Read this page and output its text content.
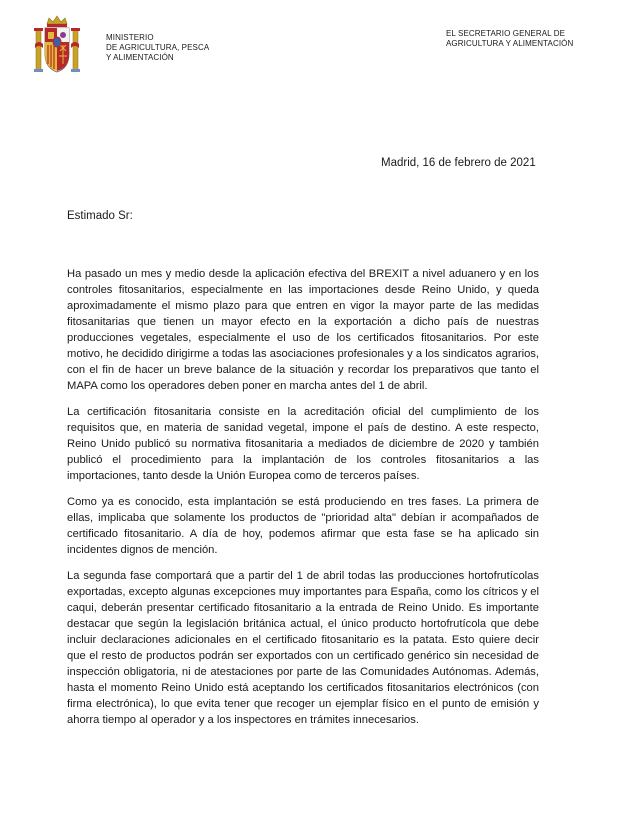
MINISTERIO
DE AGRICULTURA, PESCA
Y ALIMENTACIÓN
EL SECRETARIO GENERAL DE
AGRICULTURA Y ALIMENTACIÓN
Madrid, 16 de febrero de 2021
Estimado Sr:

Ha pasado un mes y medio desde la aplicación efectiva del BREXIT a nivel aduanero y en los controles fitosanitarios, especialmente en las importaciones desde Reino Unido, y queda aproximadamente el mismo plazo para que entren en vigor la mayor parte de las medidas fitosanitarias que tienen un mayor efecto en la exportación a dicho país de nuestras producciones vegetales, especialmente el uso de los certificados fitosanitarios. Por este motivo, he decidido dirigirme a todas las asociaciones profesionales y a los sindicatos agrarios, con el fin de hacer un breve balance de la situación y recordar los preparativos que tanto el MAPA como los operadores deben poner en marcha antes del 1 de abril.

La certificación fitosanitaria consiste en la acreditación oficial del cumplimiento de los requisitos que, en materia de sanidad vegetal, impone el país de destino. A este respecto, Reino Unido publicó su normativa fitosanitaria a mediados de diciembre de 2020 y también publicó el procedimiento para la implantación de los controles fitosanitarios a las importaciones, tanto desde la Unión Europea como de terceros países.

Como ya es conocido, esta implantación se está produciendo en tres fases. La primera de ellas, implicaba que solamente los productos de "prioridad alta" debían ir acompañados de certificado fitosanitario. A día de hoy, podemos afirmar que esta fase se ha aplicado sin incidentes dignos de mención.

La segunda fase comportará que a partir del 1 de abril todas las producciones hortofrutícolas exportadas, excepto algunas excepciones muy importantes para España, como los cítricos y el caqui, deberán presentar certificado fitosanitario a la entrada de Reino Unido. Es importante destacar que según la legislación británica actual, el único producto hortofrutícola que debe incluir declaraciones adicionales en el certificado fitosanitario es la patata. Esto quiere decir que el resto de productos podrán ser exportados con un certificado genérico sin necesidad de inspección obligatoria, ni de atestaciones por parte de las Comunidades Autónomas. Además, hasta el momento Reino Unido está aceptando los certificados fitosanitarios electrónicos (con firma electrónica), lo que evita tener que recoger un ejemplar físico en el punto de emisión y ahorra tiempo al operador y a los inspectores en trámites innecesarios.
